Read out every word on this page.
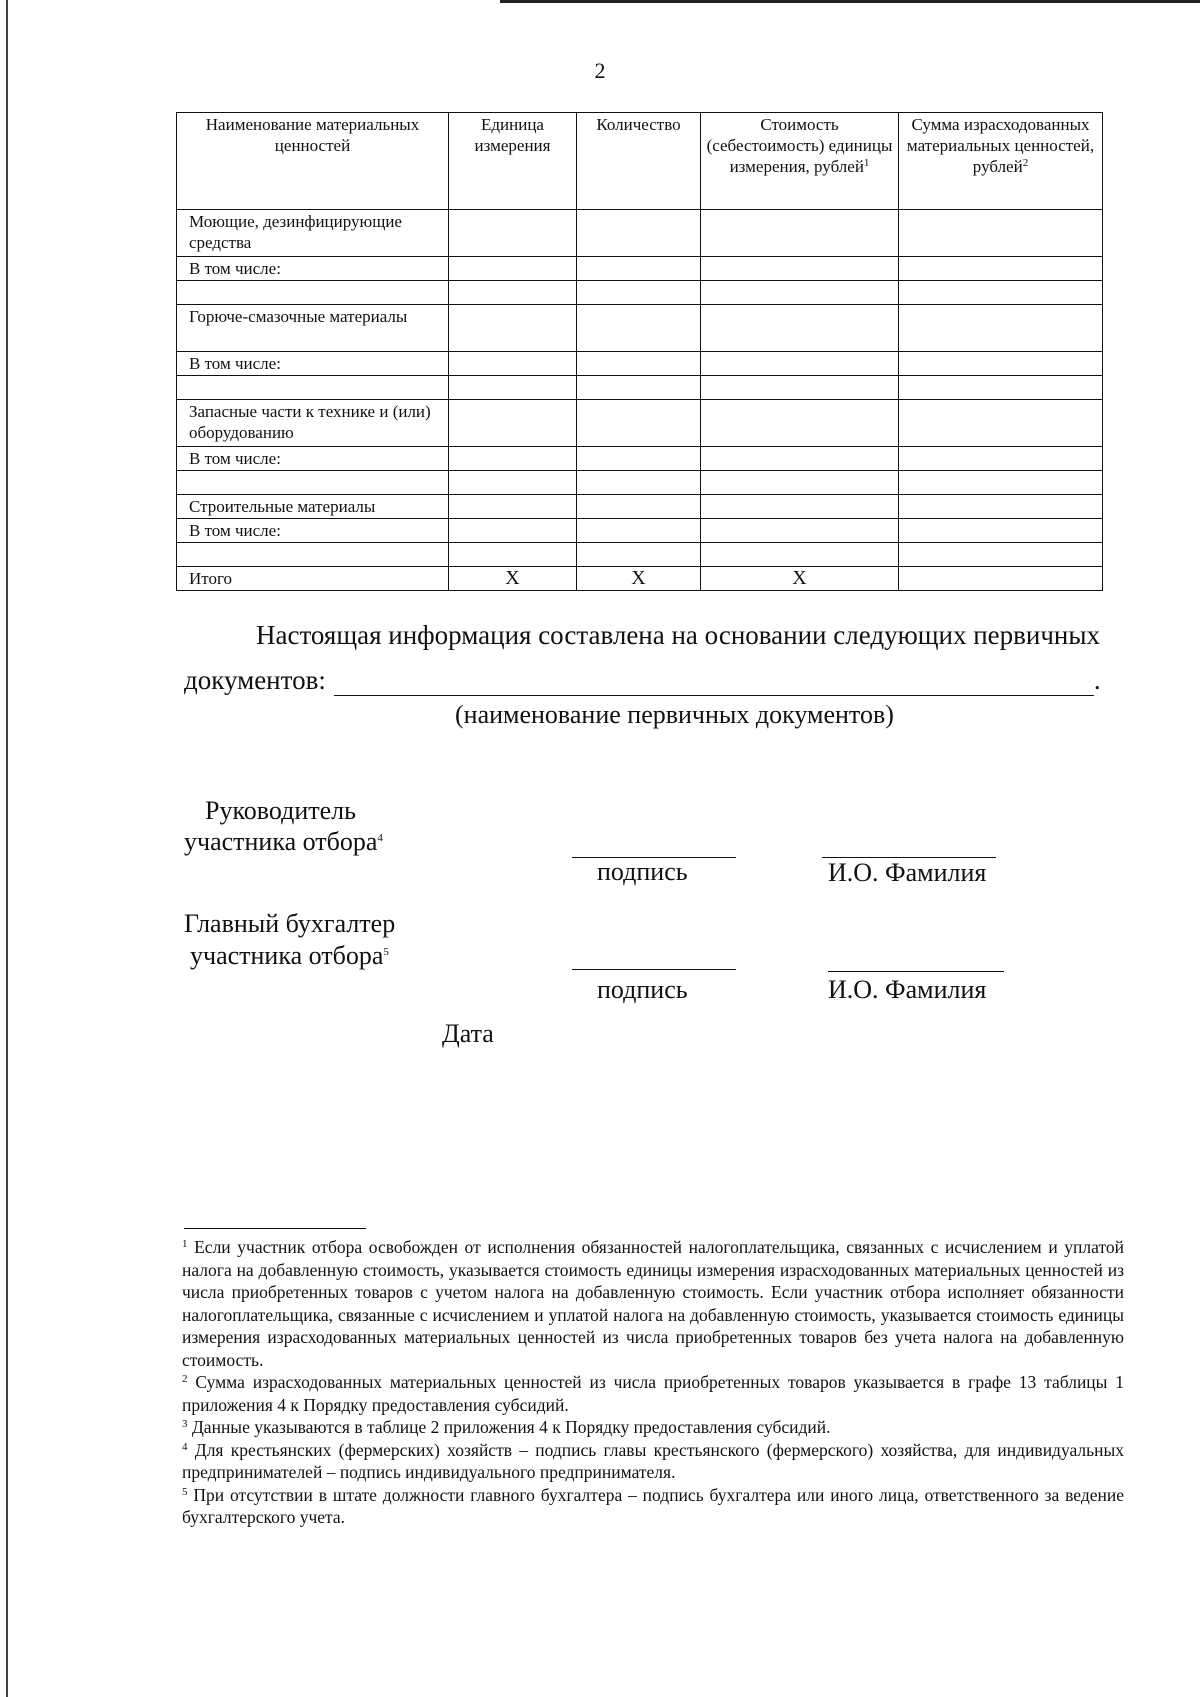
2
Наименование материальных ценностей	Единица измерения	Количество	Стоимость (себестоимость) единицы измерения, рублей$^1$	Сумма израсходованных материальных ценностей, рублей$^2$
Моющие, дезинфицирующие средства				
В том числе:				

Горюче-смазочные материалы				
В том числе:				

Запасные части к технике и (или) оборудованию				
В том числе:				

Строительные материалы				
В том числе:				

Итого	X	X	X	
Настоящая информация составлена на основании следующих первичных
документов:	.
(наименование первичных документов)
Руководитель
участника отбора$^4$
подпись	И.О. Фамилия
Главный бухгалтер
участника отбора$^5$
подпись	И.О. Фамилия
Дата

$^1$ Если участник отбора освобожден от исполнения обязанностей налогоплательщика, связанных с исчислением и уплатой налога на добавленную стоимость, указывается стоимость единицы измерения израсходованных материальных ценностей из числа приобретенных товаров с учетом налога на добавленную стоимость. Если участник отбора исполняет обязанности налогоплательщика, связанные с исчислением и уплатой налога на добавленную стоимость, указывается стоимость единицы измерения израсходованных материальных ценностей из числа приобретенных товаров без учета налога на добавленную стоимость.

$^2$ Сумма израсходованных материальных ценностей из числа приобретенных товаров указывается в графе 13 таблицы 1 приложения 4 к Порядку предоставления субсидий.

$^3$ Данные указываются в таблице 2 приложения 4 к Порядку предоставления субсидий.

$^4$ Для крестьянских (фермерских) хозяйств – подпись главы крестьянского (фермерского) хозяйства, для индивидуальных предпринимателей – подпись индивидуального предпринимателя.

$^5$ При отсутствии в штате должности главного бухгалтера – подпись бухгалтера или иного лица, ответственного за ведение бухгалтерского учета.
